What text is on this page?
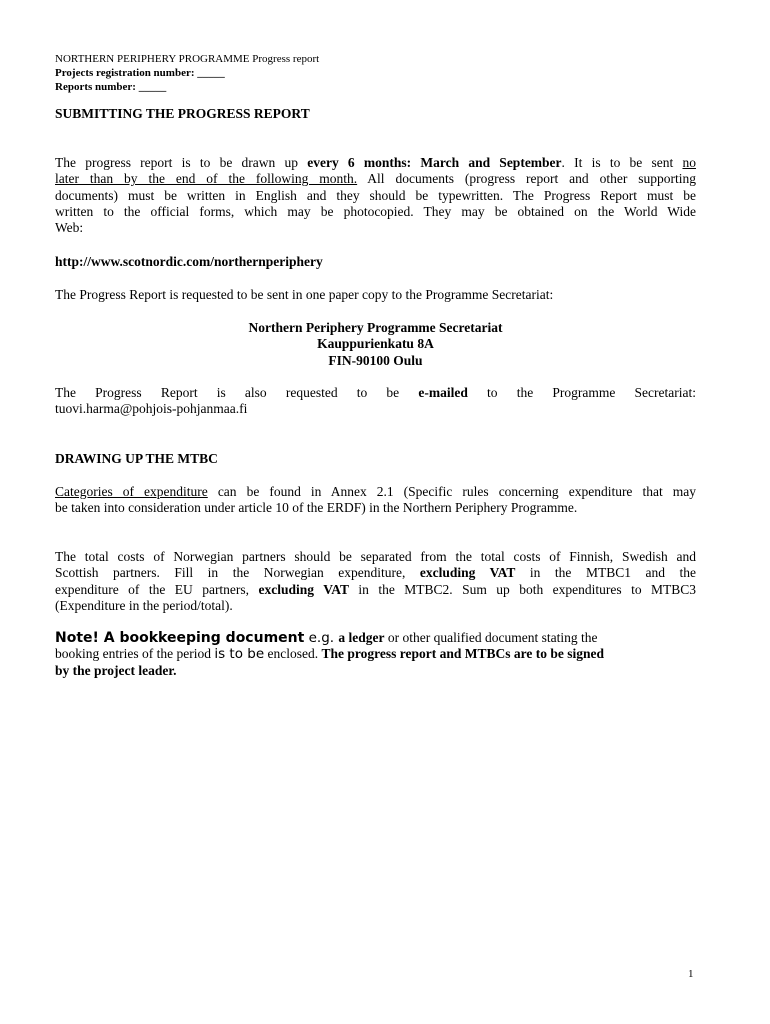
NORTHERN PERIPHERY PROGRAMME Progress report
Projects registration number: _____
Reports number: _____
SUBMITTING THE PROGRESS REPORT
The progress report is to be drawn up every 6 months: March and September. It is to be sent no
later than by the end of the following month. All documents (progress report and other supporting
documents) must be written in English and they should be typewritten. The Progress Report must be
written to the official forms, which may be photocopied. They may be obtained on the World Wide
Web:
http://www.scotnordic.com/northernperiphery
The Progress Report is requested to be sent in one paper copy to the Programme Secretariat:
Northern Periphery Programme Secretariat
Kauppurienkatu 8A
FIN-90100 Oulu
The Progress Report is also requested to be e-mailed to the Programme Secretariat:
tuovi.harma@pohjois-pohjanmaa.fi
DRAWING UP THE MTBC
Categories of expenditure can be found in Annex 2.1 (Specific rules concerning expenditure that may
be taken into consideration under article 10 of the ERDF) in the Northern Periphery Programme.
The total costs of Norwegian partners should be separated from the total costs of Finnish, Swedish and
Scottish partners. Fill in the Norwegian expenditure, excluding VAT in the MTBC1 and the
expenditure of the EU partners, excluding VAT in the MTBC2. Sum up both expenditures to MTBC3
(Expenditure in the period/total).
Note! A bookkeeping document e.g. a ledger or other qualified document stating the
booking entries of the period is to be enclosed. The progress report and MTBCs are to be signed
by the project leader.
1
